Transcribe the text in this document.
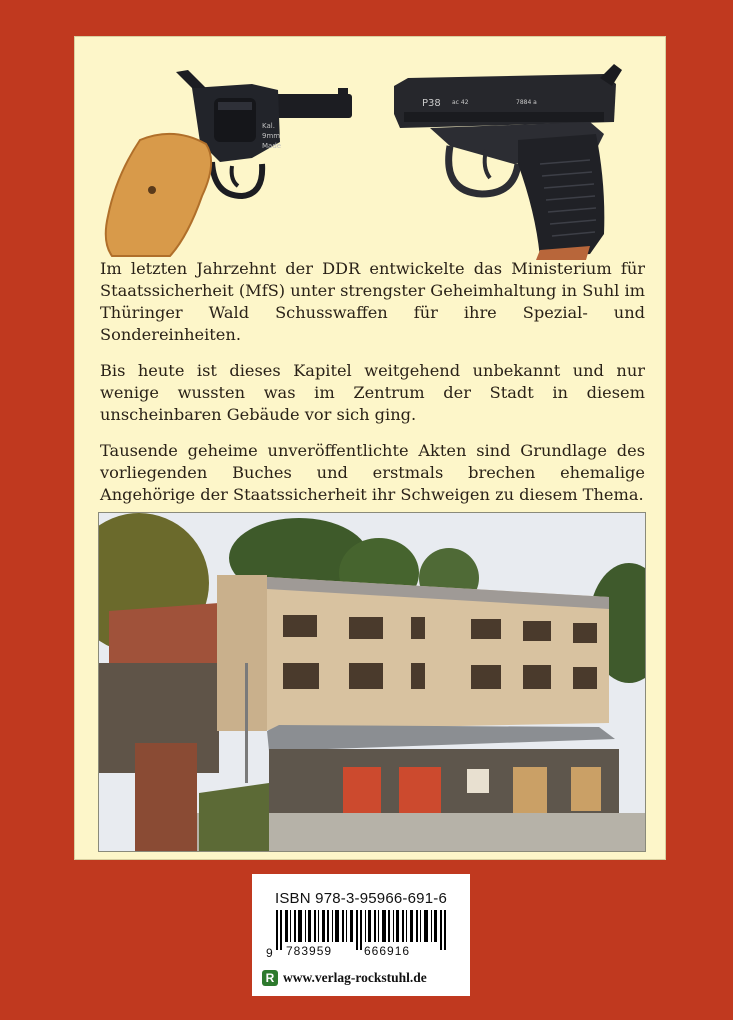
Kal.
9mm
Made
P38 ac 42	7884 a

Im letzten Jahrzehnt der DDR entwickelte das Ministerium für Staatssicherheit (MfS) unter strengster Geheimhaltung in Suhl im Thüringer Wald Schusswaffen für ihre Spezial- und Sondereinheiten.

Bis heute ist dieses Kapitel weitgehend unbekannt und nur wenige wussten was im Zentrum der Stadt in diesem unscheinbaren Gebäude vor sich ging.

Tausende geheime unveröffentlichte Akten sind Grundlage des vorliegenden Buches und erstmals brechen ehemalige Angehörige der Staatssicherheit ihr Schweigen zu diesem Thema.

ISBN 978-3-95966-691-6
9 783959	666916
R www.verlag-rockstuhl.de
